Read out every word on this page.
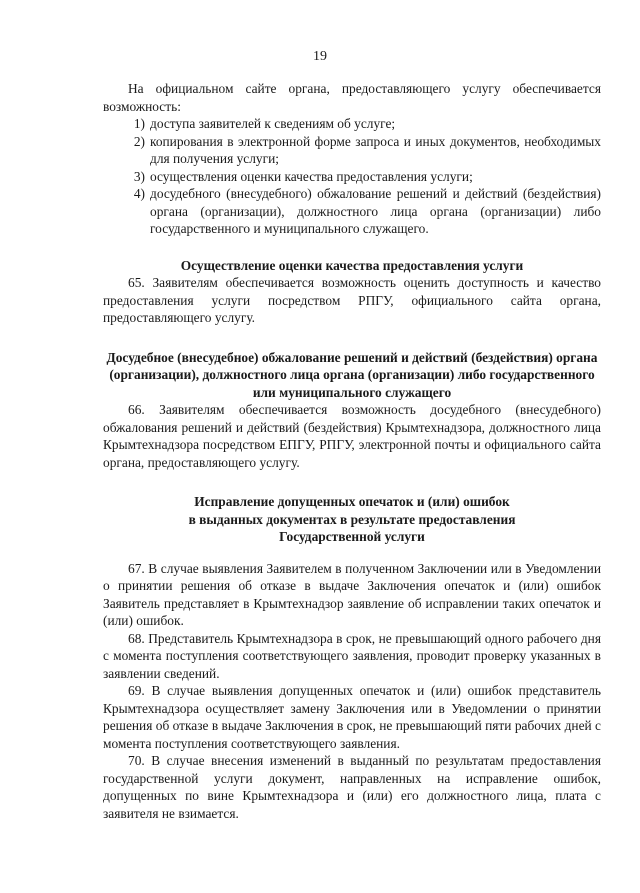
19

На официальном сайте органа, предоставляющего услугу обеспечивается возможность:

1) доступа заявителей к сведениям об услуге;
2) копирования в электронной форме запроса и иных документов, необходимых для получения услуги;
3) осуществления оценки качества предоставления услуги;
4) досудебного (внесудебного) обжалование решений и действий (бездействия) органа (организации), должностного лица органа (организации) либо государственного и муниципального служащего.
Осуществление оценки качества предоставления услуги

65. Заявителям обеспечивается возможность оценить доступность и качество предоставления услуги посредством РПГУ, официального сайта органа, предоставляющего услугу.

Досудебное (внесудебное) обжалование решений и действий (бездействия) органа (организации), должностного лица органа (организации) либо государственного или муниципального служащего

66. Заявителям обеспечивается возможность досудебного (внесудебного) обжалования решений и действий (бездействия) Крымтехнадзора, должностного лица Крымтехнадзора посредством ЕПГУ, РПГУ, электронной почты и официального сайта органа, предоставляющего услугу.

Исправление допущенных опечаток и (или) ошибок
в выданных документах в результате предоставления
Государственной услуги

67. В случае выявления Заявителем в полученном Заключении или в Уведомлении о принятии решения об отказе в выдаче Заключения опечаток и (или) ошибок Заявитель представляет в Крымтехнадзор заявление об исправлении таких опечаток и (или) ошибок.

68. Представитель Крымтехнадзора в срок, не превышающий одного рабочего дня с момента поступления соответствующего заявления, проводит проверку указанных в заявлении сведений.

69. В случае выявления допущенных опечаток и (или) ошибок представитель Крымтехнадзора осуществляет замену Заключения или в Уведомлении о принятии решения об отказе в выдаче Заключения в срок, не превышающий пяти рабочих дней с момента поступления соответствующего заявления.

70. В случае внесения изменений в выданный по результатам предоставления государственной услуги документ, направленных на исправление ошибок, допущенных по вине Крымтехнадзора и (или) его должностного лица, плата с заявителя не взимается.
